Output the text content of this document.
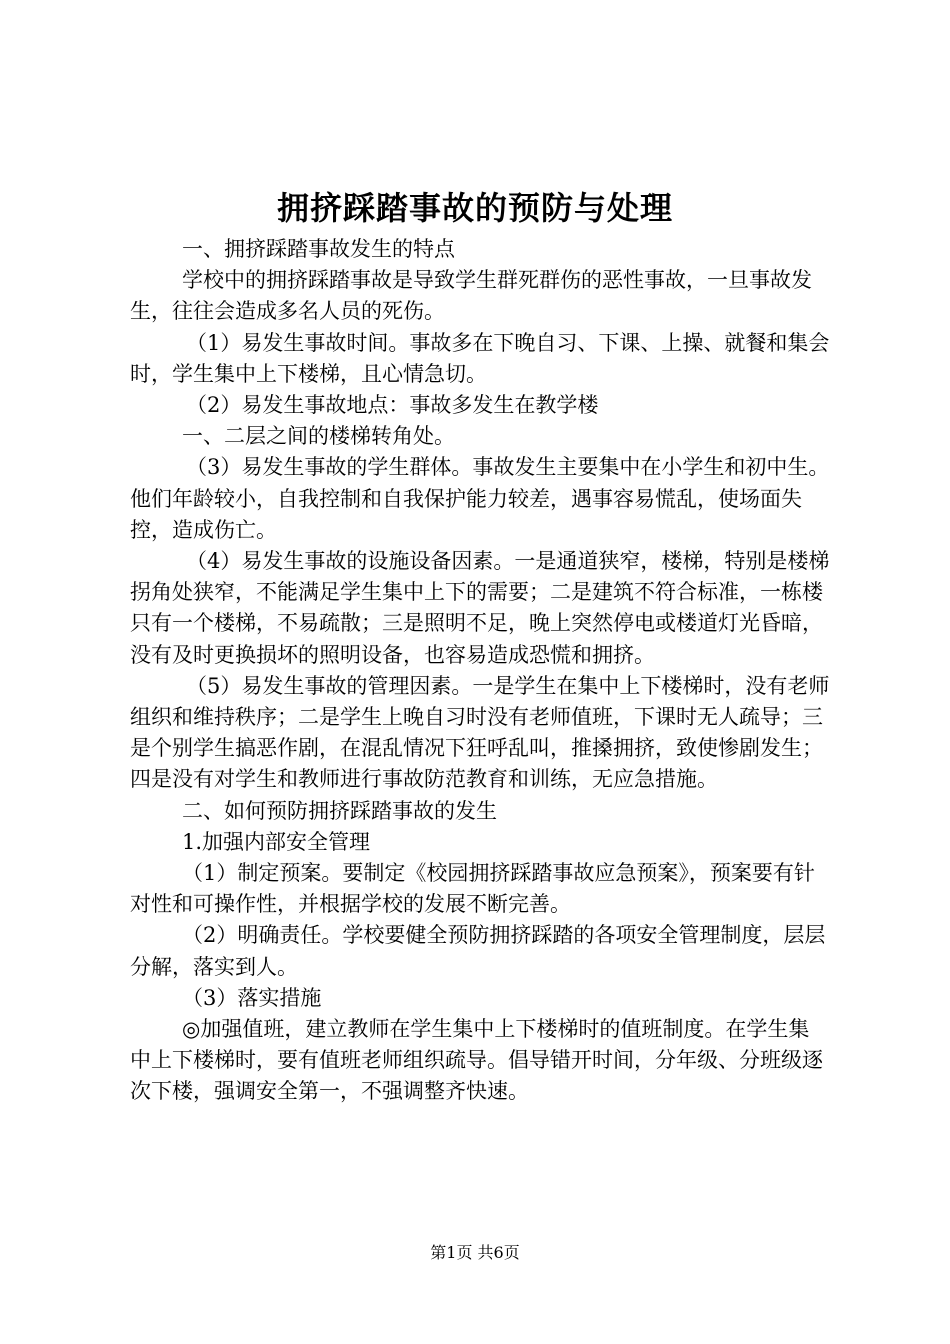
拥挤踩踏事故的预防与处理

一、拥挤踩踏事故发生的特点

学校中的拥挤踩踏事故是导致学生群死群伤的恶性事故，一旦事故发生，往往会造成多名人员的死伤。

（1）易发生事故时间。事故多在下晚自习、下课、上操、就餐和集会时，学生集中上下楼梯，且心情急切。

（2）易发生事故地点：事故多发生在教学楼

一、二层之间的楼梯转角处。

（3）易发生事故的学生群体。事故发生主要集中在小学生和初中生。他们年龄较小，自我控制和自我保护能力较差，遇事容易慌乱，使场面失控，造成伤亡。

（4）易发生事故的设施设备因素。一是通道狭窄，楼梯，特别是楼梯拐角处狭窄，不能满足学生集中上下的需要；二是建筑不符合标准，一栋楼只有一个楼梯，不易疏散；三是照明不足，晚上突然停电或楼道灯光昏暗，没有及时更换损坏的照明设备，也容易造成恐慌和拥挤。

（5）易发生事故的管理因素。一是学生在集中上下楼梯时，没有老师组织和维持秩序；二是学生上晚自习时没有老师值班，下课时无人疏导；三是个别学生搞恶作剧，在混乱情况下狂呼乱叫，推搡拥挤，致使惨剧发生；四是没有对学生和教师进行事故防范教育和训练，无应急措施。

二、如何预防拥挤踩踏事故的发生

1.加强内部安全管理

（1）制定预案。要制定《校园拥挤踩踏事故应急预案》，预案要有针对性和可操作性，并根据学校的发展不断完善。

（2）明确责任。学校要健全预防拥挤踩踏的各项安全管理制度，层层分解，落实到人。

（3）落实措施

◎加强值班，建立教师在学生集中上下楼梯时的值班制度。在学生集中上下楼梯时，要有值班老师组织疏导。倡导错开时间，分年级、分班级逐次下楼，强调安全第一，不强调整齐快速。

第1页 共6页
